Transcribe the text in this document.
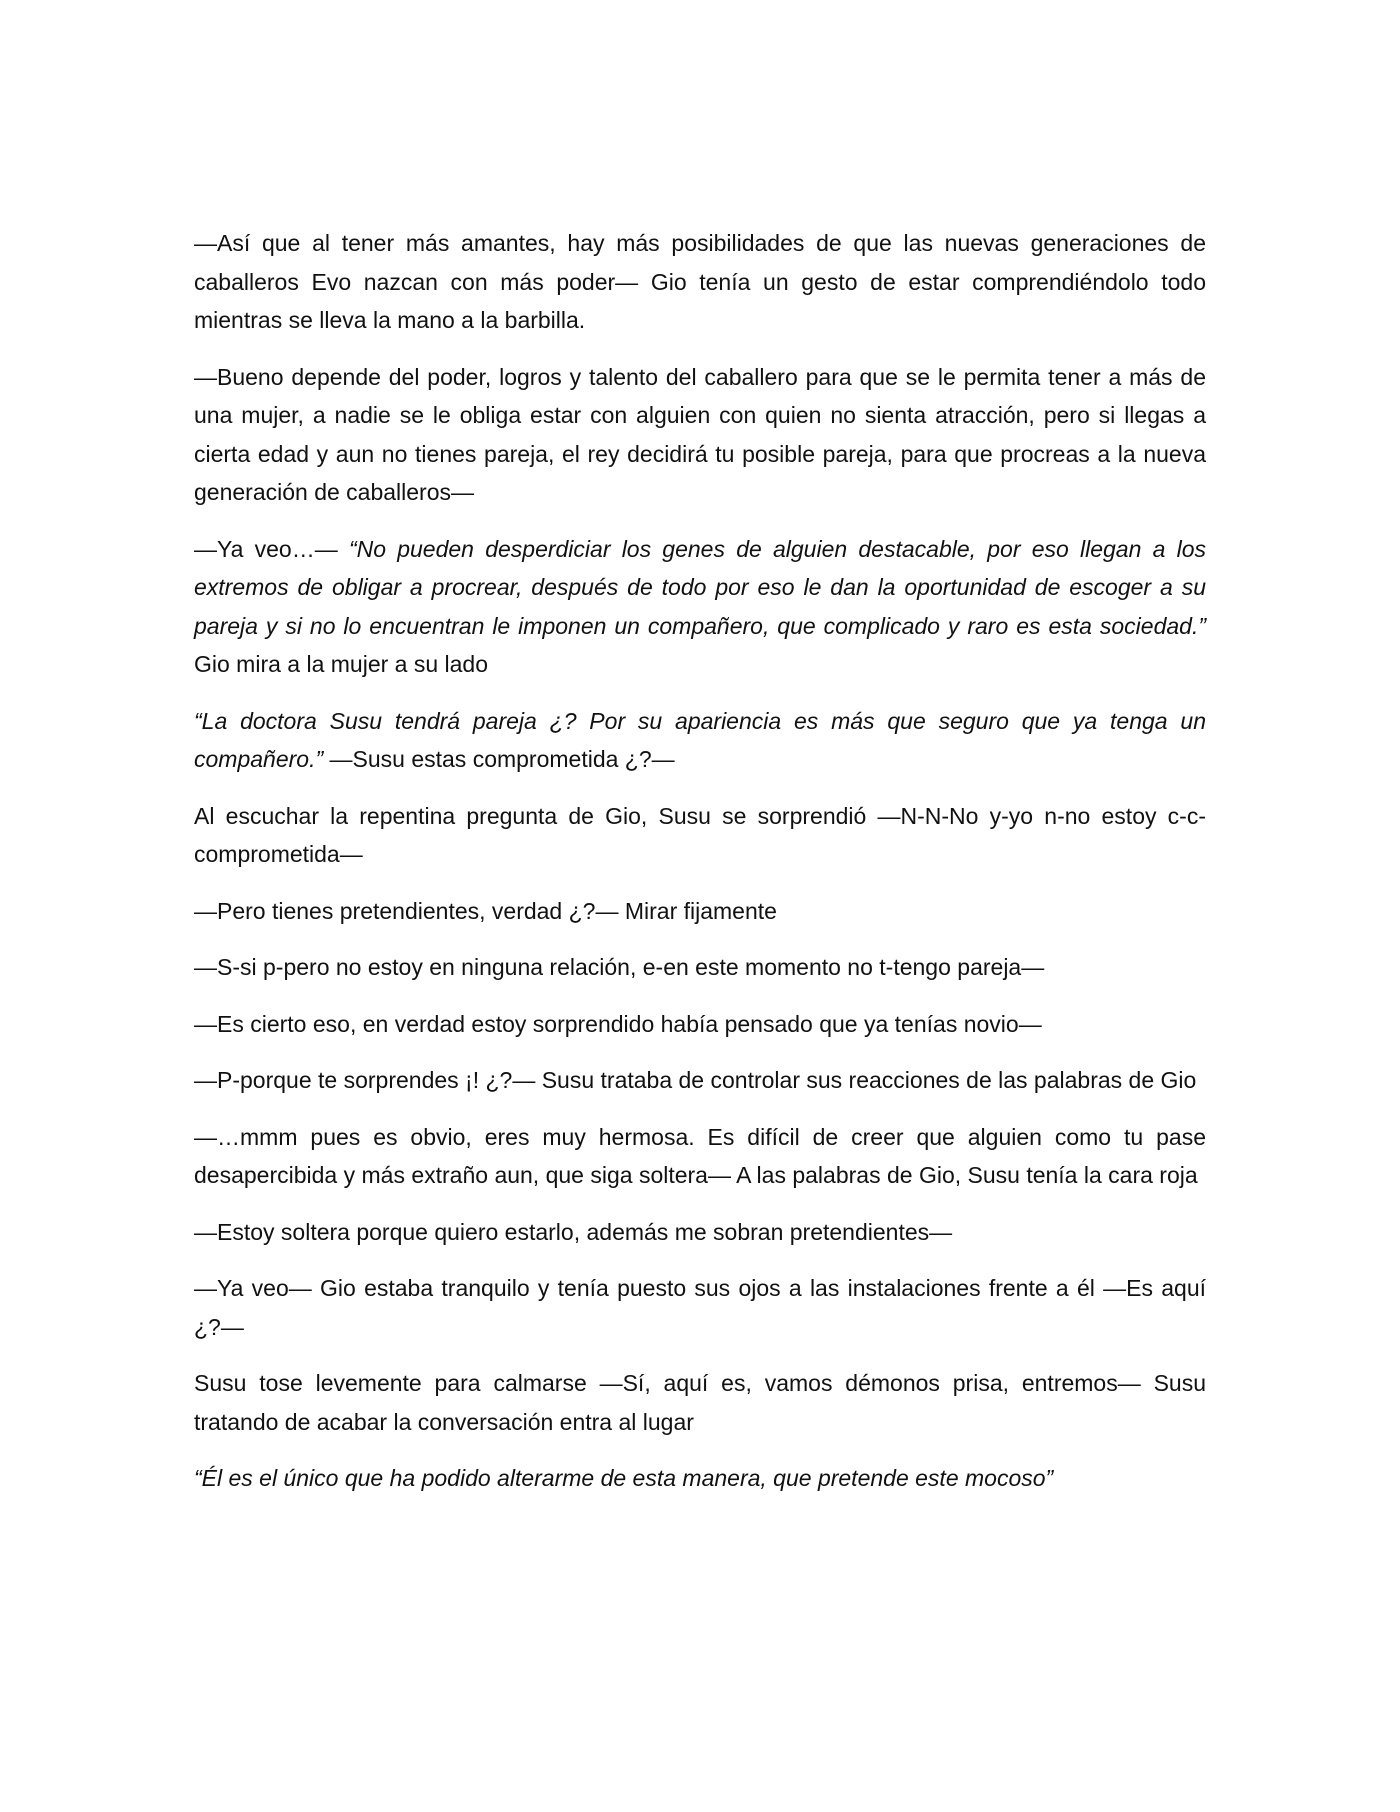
—Así que al tener más amantes, hay más posibilidades de que las nuevas generaciones de caballeros Evo nazcan con más poder— Gio tenía un gesto de estar comprendiéndolo todo mientras se lleva la mano a la barbilla.

—Bueno depende del poder, logros y talento del caballero para que se le permita tener a más de una mujer, a nadie se le obliga estar con alguien con quien no sienta atracción, pero si llegas a cierta edad y aun no tienes pareja, el rey decidirá tu posible pareja, para que procreas a la nueva generación de caballeros—

—Ya veo…— “No pueden desperdiciar los genes de alguien destacable, por eso llegan a los extremos de obligar a procrear, después de todo por eso le dan la oportunidad de escoger a su pareja y si no lo encuentran le imponen un compañero, que complicado y raro es esta sociedad.” Gio mira a la mujer a su lado

“La doctora Susu tendrá pareja ¿? Por su apariencia es más que seguro que ya tenga un compañero.” —Susu estas comprometida ¿?—

Al escuchar la repentina pregunta de Gio, Susu se sorprendió —N-N-No y-yo n-no estoy c-c-comprometida—

—Pero tienes pretendientes, verdad ¿?— Mirar fijamente

—S-si p-pero no estoy en ninguna relación, e-en este momento no t-tengo pareja—

—Es cierto eso, en verdad estoy sorprendido había pensado que ya tenías novio—

—P-porque te sorprendes ¡! ¿?— Susu trataba de controlar sus reacciones de las palabras de Gio

—…mmm pues es obvio, eres muy hermosa. Es difícil de creer que alguien como tu pase desapercibida y más extraño aun, que siga soltera— A las palabras de Gio, Susu tenía la cara roja

—Estoy soltera porque quiero estarlo, además me sobran pretendientes—

—Ya veo— Gio estaba tranquilo y tenía puesto sus ojos a las instalaciones frente a él —Es aquí ¿?—

Susu tose levemente para calmarse —Sí, aquí es, vamos démonos prisa, entremos— Susu tratando de acabar la conversación entra al lugar

“Él es el único que ha podido alterarme de esta manera, que pretende este mocoso”
